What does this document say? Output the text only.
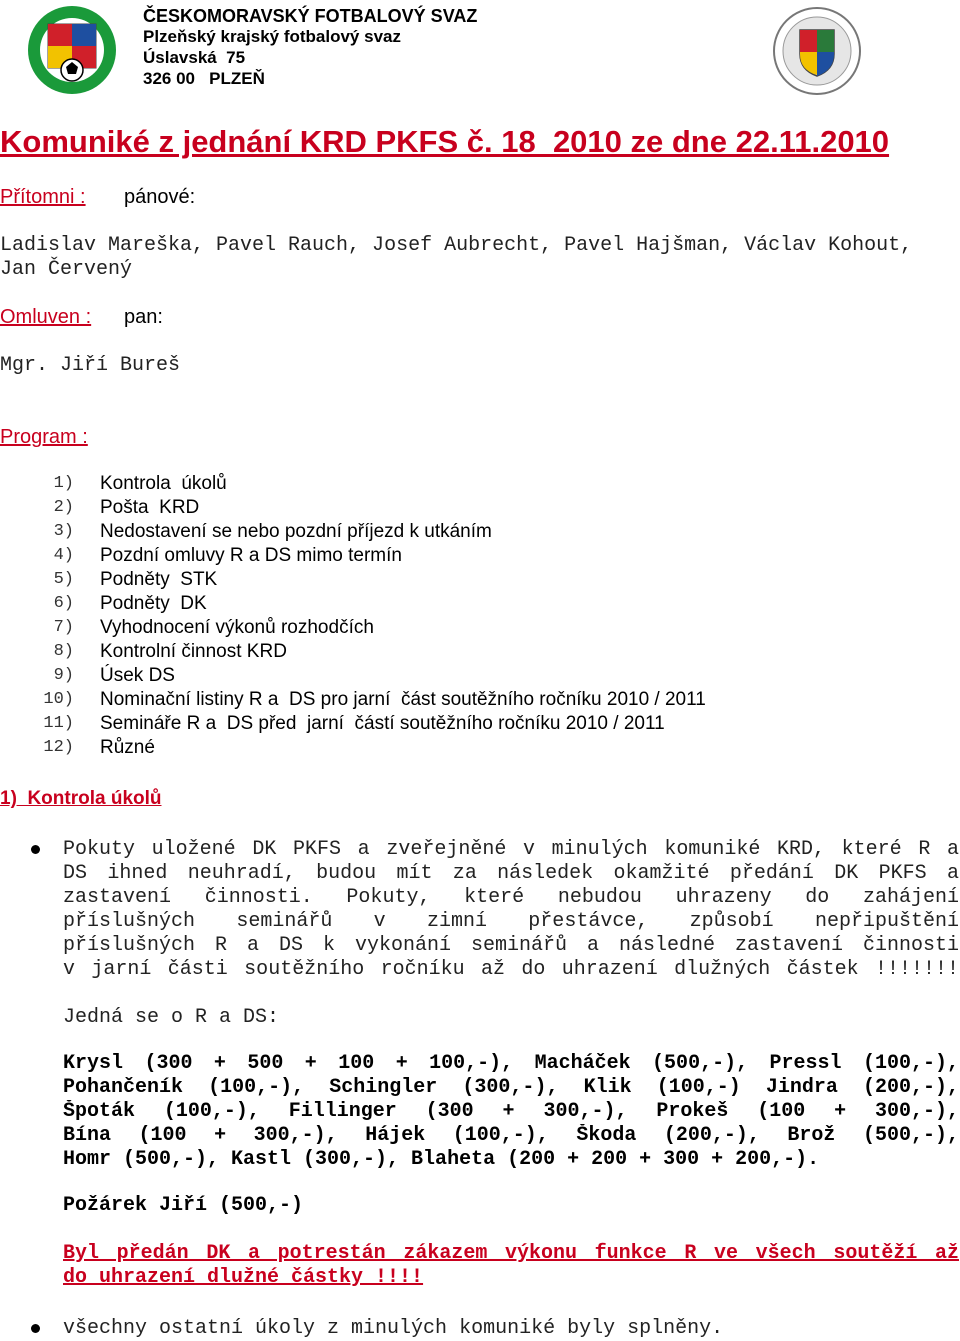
ČESKOMORAVSKÝ FOTBALOVÝ SVAZ
Plzeňský krajský fotbalový svaz
Úslavská  75
326 00   PLZEŇ
Komuniké z jednání KRD PKFS č. 18  2010 ze dne 22.11.2010
Přítomni : pánové:
Ladislav Mareška, Pavel Rauch, Josef Aubrecht, Pavel Hajšman, Václav Kohout,
Jan Červený
Omluven : pan:
Mgr. Jiří Bureš
Program :
1) Kontrola  úkolů
2) Pošta  KRD
3) Nedostavení se nebo pozdní příjezd k utkáním
4) Pozdní omluvy R a DS mimo termín
5) Podněty  STK
6) Podněty  DK
7) Vyhodnocení výkonů rozhodčích
8) Kontrolní činnost KRD
9) Úsek DS
10) Nominační listiny R a  DS pro jarní  část soutěžního ročníku 2010 / 2011
11) Semináře R a  DS před  jarní  částí soutěžního ročníku 2010 / 2011
12) Různé
1)  Kontrola úkolů
Pokuty uložené DK PKFS a zveřejněné v minulých komuniké KRD, které R a
DS ihned neuhradí, budou mít za následek okamžité předání DK PKFS a
zastavení činnosti. Pokuty, které nebudou uhrazeny do zahájení
příslušných seminářů v zimní přestávce, způsobí nepřipuštění
příslušných R a DS k vykonání seminářů a následné zastavení činnosti
v jarní části soutěžního ročníku až do uhrazení dlužných částek !!!!!!!
Jedná se o R a DS:
Krysl (300 + 500 + 100 + 100,-), Macháček (500,-), Pressl (100,-),
Pohančeník (100,-), Schingler (300,-), Klik (100,-) Jindra (200,-),
Špoták (100,-), Fillinger (300 + 300,-), Prokeš (100 + 300,-),
Bína (100 + 300,-), Hájek (100,-), Škoda (200,-), Brož (500,-),
Homr (500,-), Kastl (300,-), Blaheta (200 + 200 + 300 + 200,-).
Požárek Jiří (500,-)
Byl předán DK a potrestán zákazem výkonu funkce R ve všech soutěží až
do uhrazení dlužné částky !!!!
všechny ostatní úkoly z minulých komuniké byly splněny.
